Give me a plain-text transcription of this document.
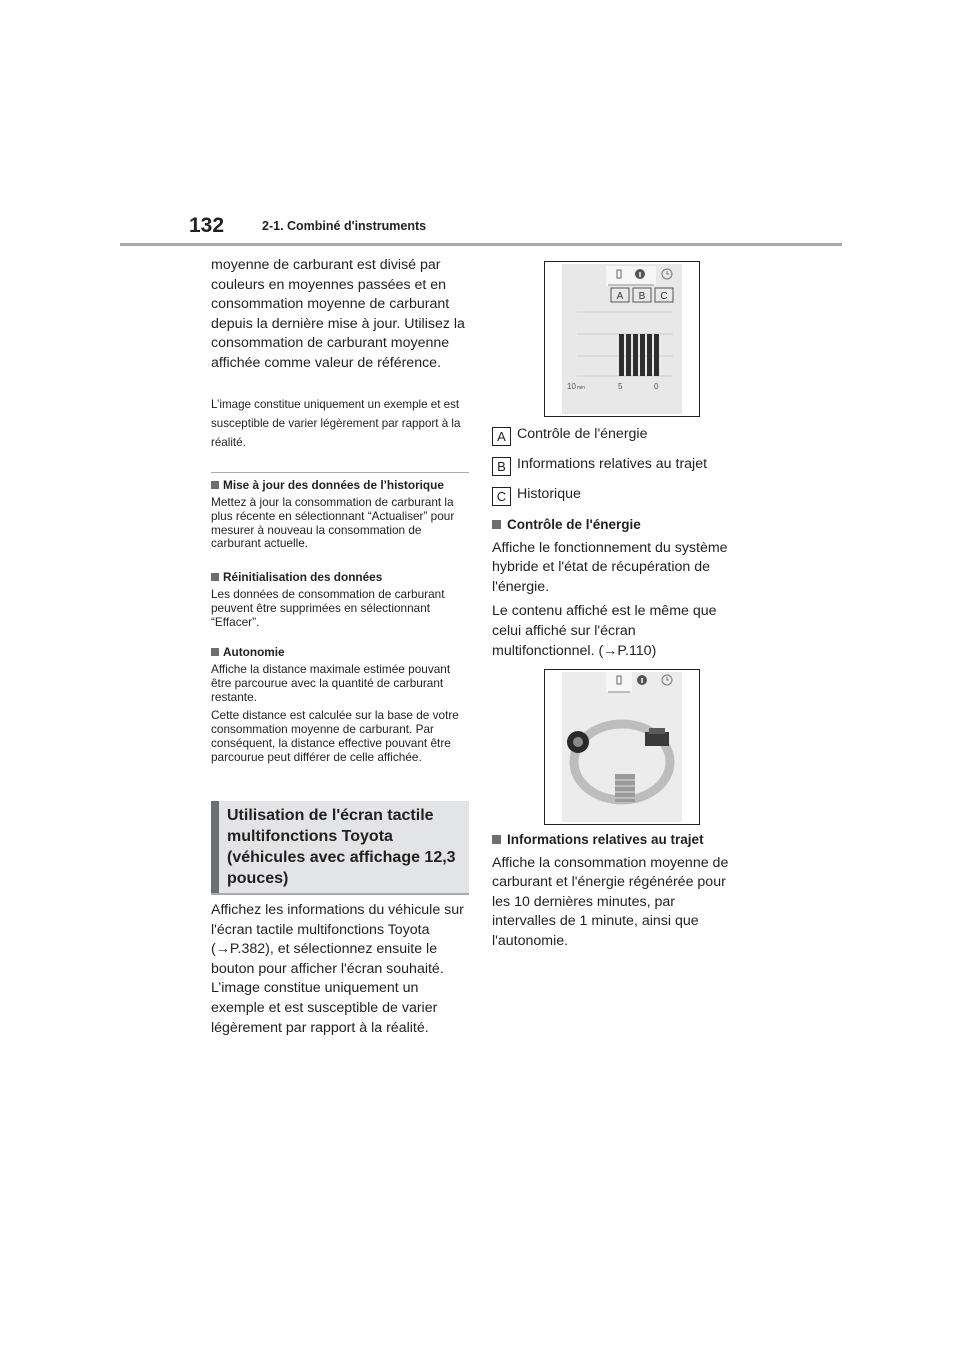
132	2-1. Combiné d'instruments

moyenne de carburant est divisé par couleurs en moyennes passées et en consommation moyenne de carburant depuis la dernière mise à jour. Utilisez la consommation de carburant moyenne affichée comme valeur de référence.

L’image constitue uniquement un exemple et est susceptible de varier légèrement par rapport à la réalité.

Mise à jour des données de l’historique

Mettez à jour la consommation de carburant la plus récente en sélectionnant “Actualiser” pour mesurer à nouveau la consommation de carburant actuelle.

Réinitialisation des données

Les données de consommation de carburant peuvent être supprimées en sélectionnant “Effacer”.

Autonomie

Affiche la distance maximale estimée pouvant être parcourue avec la quantité de carburant restante.

Cette distance est calculée sur la base de votre consommation moyenne de carburant. Par conséquent, la distance effective pouvant être parcourue peut différer de celle affichée.

Utilisation de l'écran tactile multifonctions Toyota (véhicules avec affichage 12,3 pouces)

Affichez les informations du véhicule sur l'écran tactile multifonctions Toyota (→P.382), et sélectionnez ensuite le bouton pour afficher l'écran souhaité. L’image constitue uniquement un exemple et est susceptible de varier légèrement par rapport à la réalité.

A B C
10 min	5	0
A Contrôle de l'énergie
B Informations relatives au trajet
C Historique

Contrôle de l'énergie

Affiche le fonctionnement du système hybride et l'état de récupération de l'énergie.

Le contenu affiché est le même que celui affiché sur l'écran multifonctionnel. (→P.110)

Informations relatives au trajet

Affiche la consommation moyenne de carburant et l'énergie régénérée pour les 10 dernières minutes, par intervalles de 1 minute, ainsi que l'autonomie.
